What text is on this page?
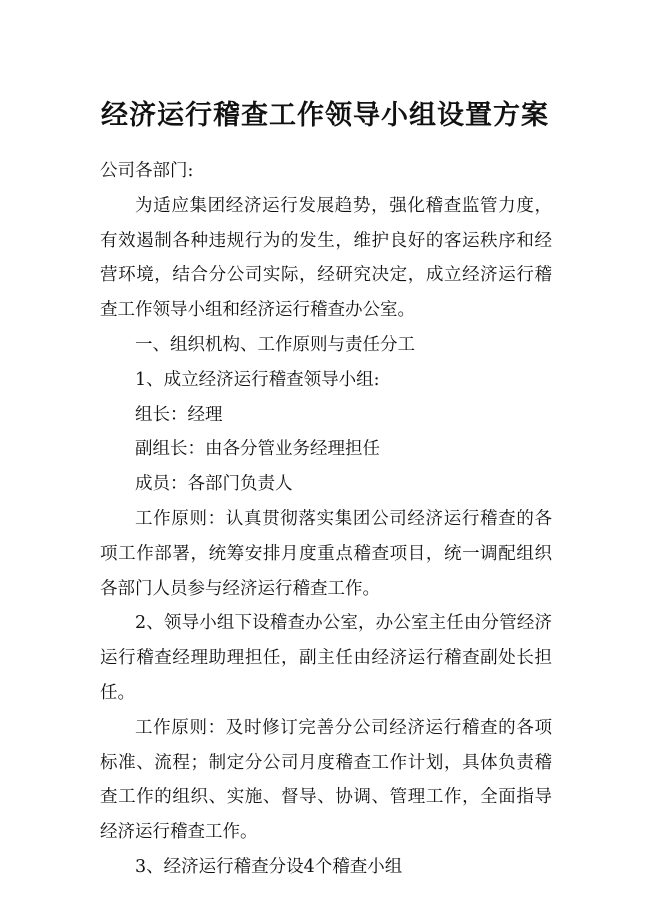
经济运行稽查工作领导小组设置方案

公司各部门:

为适应集团经济运行发展趋势，强化稽查监管力度，有效遏制各种违规行为的发生，维护良好的客运秩序和经营环境，结合分公司实际，经研究决定，成立经济运行稽查工作领导小组和经济运行稽查办公室。

一、组织机构、工作原则与责任分工

1、成立经济运行稽查领导小组:

组长：经理

副组长：由各分管业务经理担任

成员：各部门负责人

工作原则：认真贯彻落实集团公司经济运行稽查的各项工作部署，统筹安排月度重点稽查项目，统一调配组织各部门人员参与经济运行稽查工作。

2、领导小组下设稽查办公室，办公室主任由分管经济运行稽查经理助理担任，副主任由经济运行稽查副处长担任。

工作原则：及时修订完善分公司经济运行稽查的各项标准、流程；制定分公司月度稽查工作计划，具体负责稽查工作的组织、实施、督导、协调、管理工作，全面指导经济运行稽查工作。

3、经济运行稽查分设4个稽查小组
